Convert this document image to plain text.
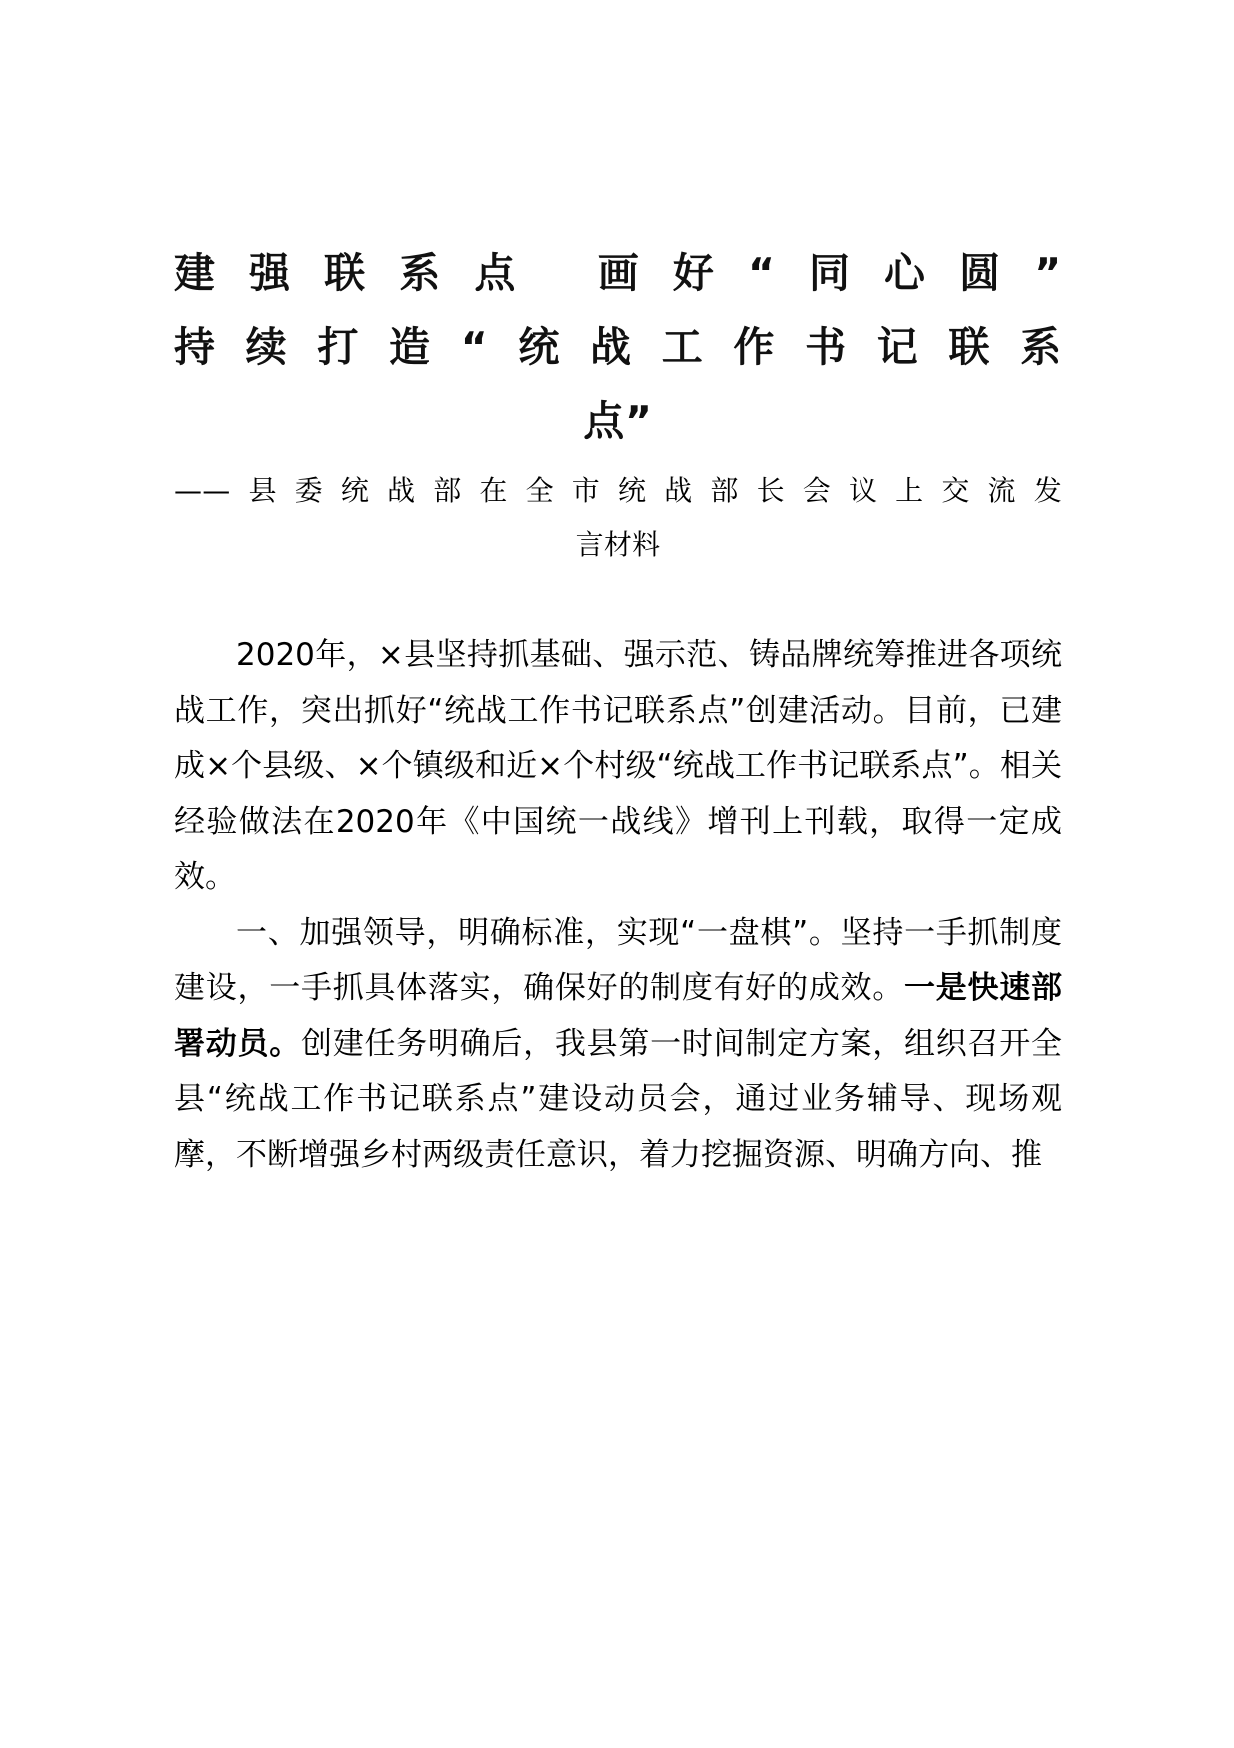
建强联系点 画好“同心圆”
持续打造“统战工作书记联系
点”
——县委统战部在全市统战部长会议上交流发
言材料

2020年，×县坚持抓基础、强示范、铸品牌统筹推进各项统战工作，突出抓好“统战工作书记联系点”创建活动。目前，已建成×个县级、×个镇级和近×个村级“统战工作书记联系点”。相关经验做法在2020年《中国统一战线》增刊上刊载，取得一定成效。

一、加强领导，明确标准，实现“一盘棋”。坚持一手抓制度建设，一手抓具体落实，确保好的制度有好的成效。一是快速部署动员。创建任务明确后，我县第一时间制定方案，组织召开全县“统战工作书记联系点”建设动员会，通过业务辅导、现场观摩，不断增强乡村两级责任意识，着力挖掘资源、明确方向、推
